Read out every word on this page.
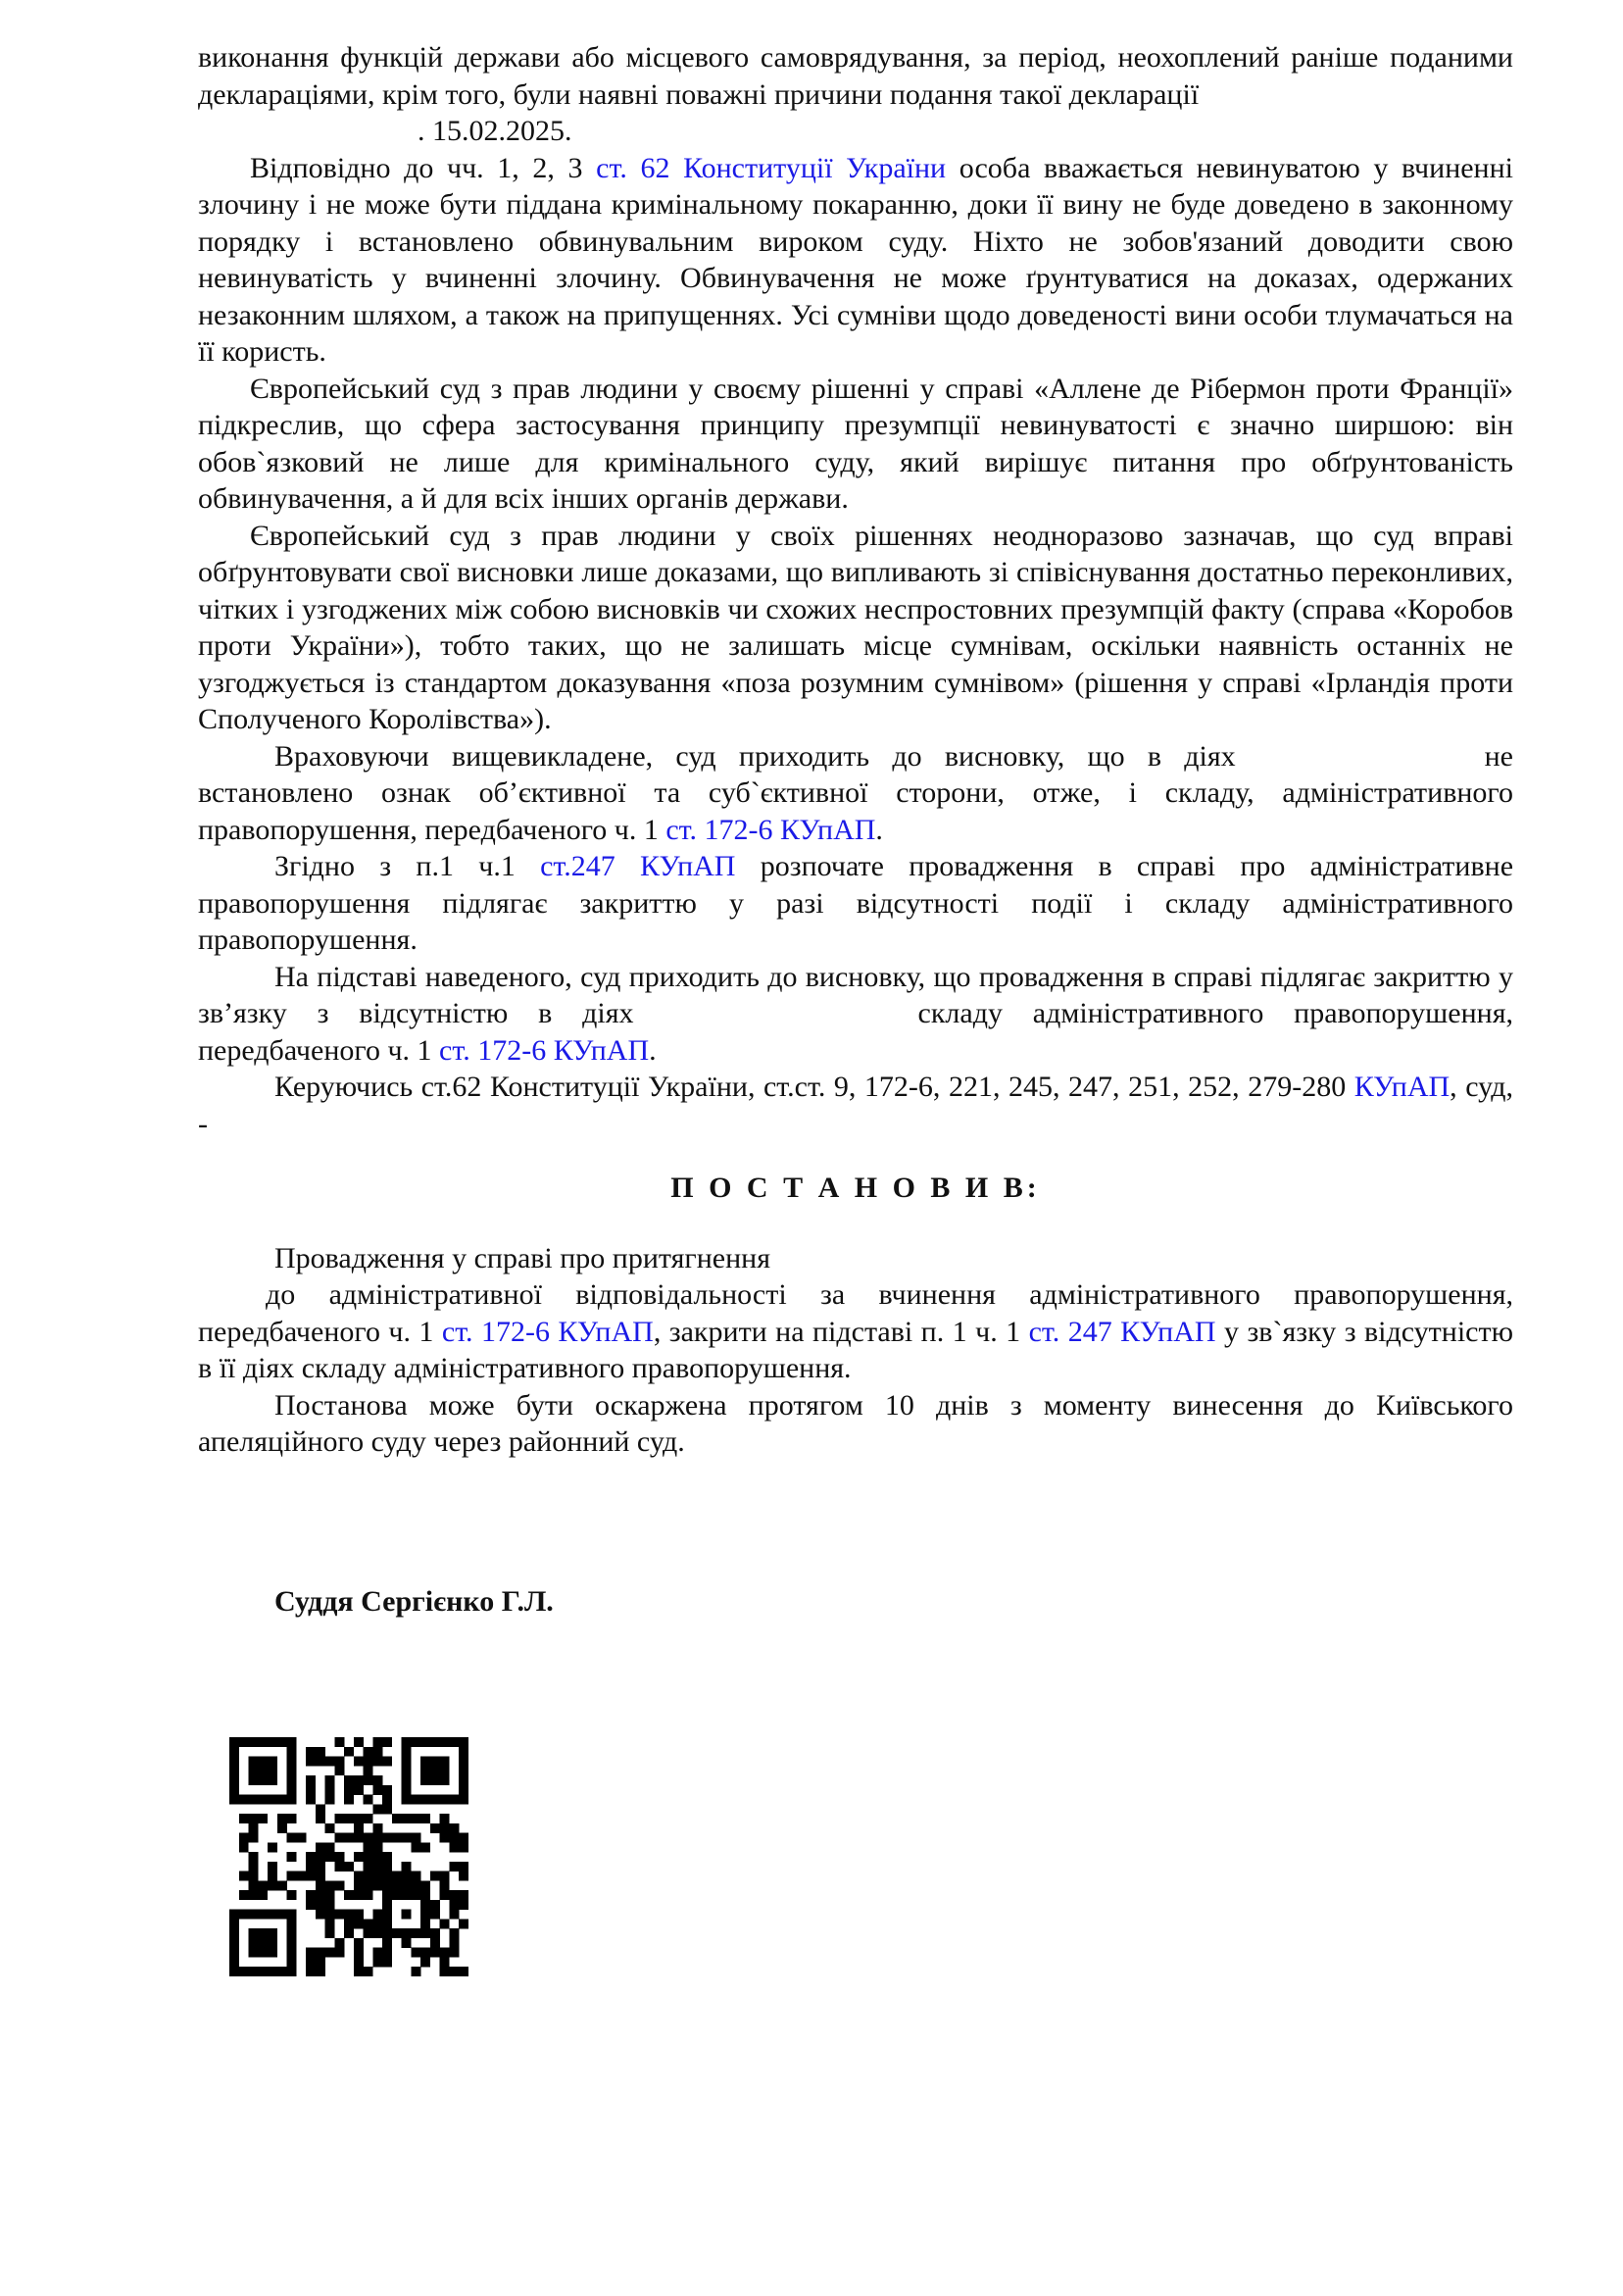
виконання функцій держави або місцевого самоврядування, за період, неохоплений раніше поданими деклараціями, крім того, були наявні поважні причини подання такої декларації
. 15.02.2025.

Відповідно до чч. 1, 2, 3 ст. 62 Конституції України особа вважається невинуватою у вчиненні злочину і не може бути піддана кримінальному покаранню, доки її вину не буде доведено в законному порядку і встановлено обвинувальним вироком суду. Ніхто не зобов'язаний доводити свою невинуватість у вчиненні злочину. Обвинувачення не може ґрунтуватися на доказах, одержаних незаконним шляхом, а також на припущеннях. Усі сумніви щодо доведеності вини особи тлумачаться на її користь.

Європейський суд з прав людини у своєму рішенні у справі «Аллене де Рібермон проти Франції» підкреслив, що сфера застосування принципу презумпції невинуватості є значно ширшою: він обов`язковий не лише для кримінального суду, який вирішує питання про обґрунтованість обвинувачення, а й для всіх інших органів держави.

Європейський суд з прав людини у своїх рішеннях неодноразово зазначав, що суд вправі обґрунтовувати свої висновки лише доказами, що випливають зі співіснування достатньо переконливих, чітких і узгоджених між собою висновків чи схожих неспростовних презумпцій факту (справа «Коробов проти України»), тобто таких, що не залишать місце сумнівам, оскільки наявність останніх не узгоджується із стандартом доказування «поза розумним сумнівом» (рішення у справі «Ірландія проти Сполученого Королівства»).

Враховуючи вищевикладене, суд приходить до висновку, що в діях	не встановлено ознак об’єктивної та суб`єктивної сторони, отже, і складу, адміністративного правопорушення, передбаченого ч. 1 ст. 172-6 КУпАП.

Згідно з п.1 ч.1 ст.247 КУпАП розпочате провадження в справі про адміністративне правопорушення підлягає закриттю у разі відсутності події і складу адміністративного правопорушення.

На підставі наведеного, суд приходить до висновку, що провадження в справі підлягає закриттю у зв’язку з відсутністю в діях	складу адміністративного правопорушення, передбаченого ч. 1 ст. 172-6 КУпАП.

Керуючись ст.62 Конституції України, ст.ст. 9, 172-6, 221, 245, 247, 251, 252, 279-280 КУпАП, суд, -

П О С Т А Н О В И В:

Провадження у справі про притягнення
до адміністративної відповідальності за вчинення адміністративного правопорушення, передбаченого ч. 1 ст. 172-6 КУпАП, закрити на підставі п. 1 ч. 1 ст. 247 КУпАП у зв`язку з відсутністю в її діях складу адміністративного правопорушення.

Постанова може бути оскаржена протягом 10 днів з моменту винесення до Київського апеляційного суду через районний суд.

Суддя Сергієнко Г.Л.
